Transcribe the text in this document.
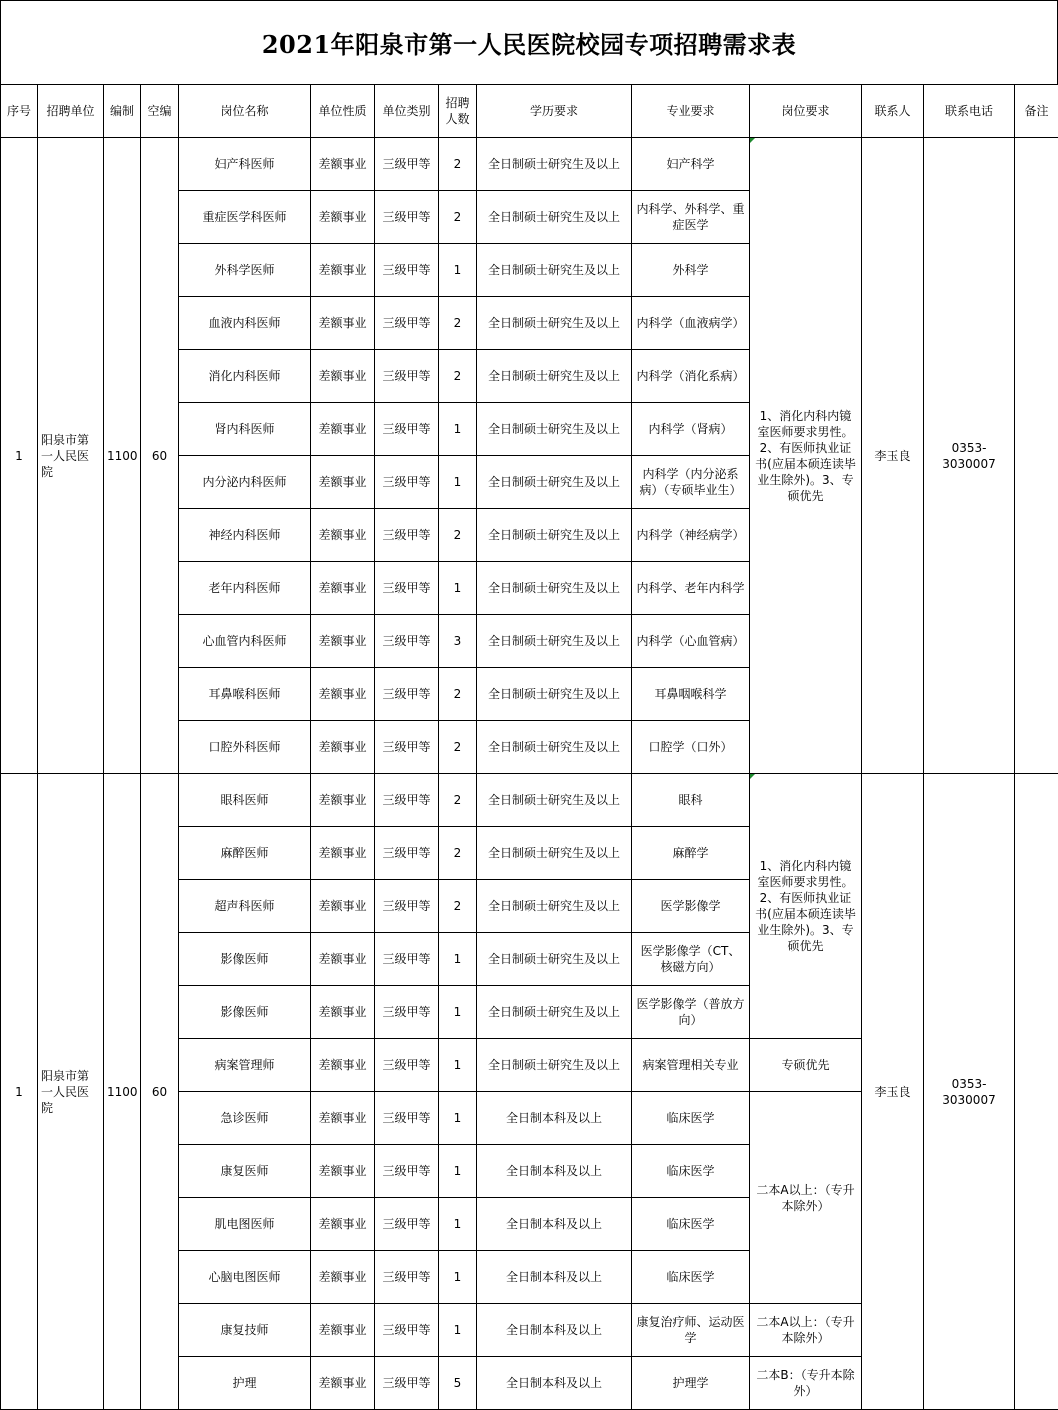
2021年阳泉市第一人民医院校园专项招聘需求表
序号	招聘单位	编制	空编	岗位名称	单位性质	单位类别	招聘人数	学历要求	专业要求	岗位要求	联系人	联系电话	备注
1	阳泉市第一人民医院	1100	60	妇产科医师	差额事业	三级甲等	2	全日制硕士研究生及以上	妇产科学	1、消化内科内镜室医师要求男性。2、有医师执业证书(应届本硕连读毕业生除外)。3、专硕优先	李玉良	0353-3030007	
				重症医学科医师	差额事业	三级甲等	2	全日制硕士研究生及以上	内科学、外科学、重症医学				
				外科学医师	差额事业	三级甲等	1	全日制硕士研究生及以上	外科学				
				血液内科医师	差额事业	三级甲等	2	全日制硕士研究生及以上	内科学（血液病学）				
				消化内科医师	差额事业	三级甲等	2	全日制硕士研究生及以上	内科学（消化系病）				
				肾内科医师	差额事业	三级甲等	1	全日制硕士研究生及以上	内科学（肾病）				
				内分泌内科医师	差额事业	三级甲等	1	全日制硕士研究生及以上	内科学（内分泌系病）（专硕毕业生）				
				神经内科医师	差额事业	三级甲等	2	全日制硕士研究生及以上	内科学（神经病学）				
				老年内科医师	差额事业	三级甲等	1	全日制硕士研究生及以上	内科学、老年内科学				
				心血管内科医师	差额事业	三级甲等	3	全日制硕士研究生及以上	内科学（心血管病）				
				耳鼻喉科医师	差额事业	三级甲等	2	全日制硕士研究生及以上	耳鼻咽喉科学				
				口腔外科医师	差额事业	三级甲等	2	全日制硕士研究生及以上	口腔学（口外）				
1	阳泉市第一人民医院	1100	60	眼科医师	差额事业	三级甲等	2	全日制硕士研究生及以上	眼科	1、消化内科内镜室医师要求男性。2、有医师执业证书(应届本硕连读毕业生除外)。3、专硕优先	李玉良	0353-3030007	
				麻醉医师	差额事业	三级甲等	2	全日制硕士研究生及以上	麻醉学				
				超声科医师	差额事业	三级甲等	2	全日制硕士研究生及以上	医学影像学				
				影像医师	差额事业	三级甲等	1	全日制硕士研究生及以上	医学影像学（CT、核磁方向）				
				影像医师	差额事业	三级甲等	1	全日制硕士研究生及以上	医学影像学（普放方向）				
				病案管理师	差额事业	三级甲等	1	全日制硕士研究生及以上	病案管理相关专业	专硕优先			
				急诊医师	差额事业	三级甲等	1	全日制本科及以上	临床医学	二本A以上：（专升本除外）			
				康复医师	差额事业	三级甲等	1	全日制本科及以上	临床医学				
				肌电图医师	差额事业	三级甲等	1	全日制本科及以上	临床医学				
				心脑电图医师	差额事业	三级甲等	1	全日制本科及以上	临床医学				
				康复技师	差额事业	三级甲等	1	全日制本科及以上	康复治疗师、运动医学	二本A以上：（专升本除外）			
				护理	差额事业	三级甲等	5	全日制本科及以上	护理学	二本B：（专升本除外）			
